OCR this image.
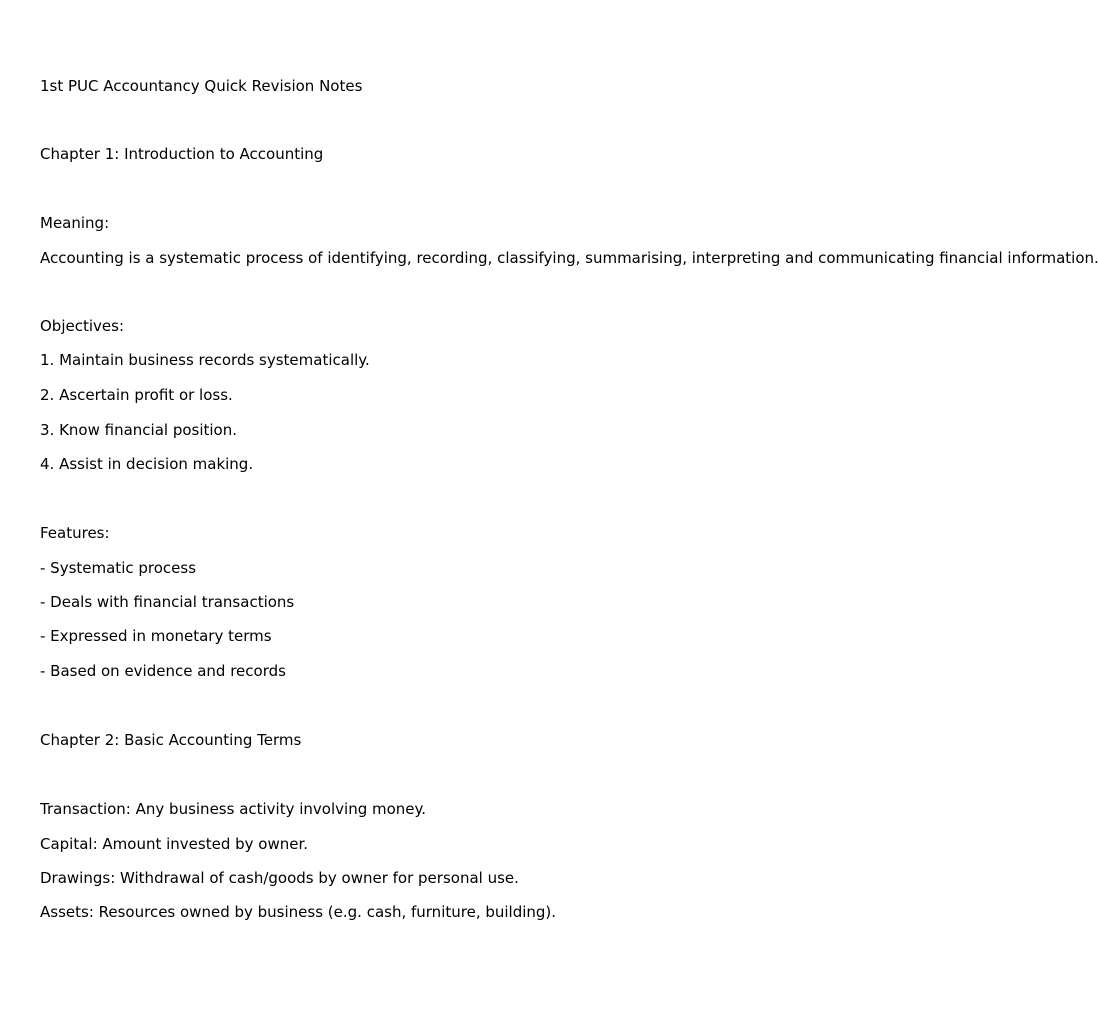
1st PUC Accountancy Quick Revision Notes
Chapter 1: Introduction to Accounting
Meaning:
Accounting is a systematic process of identifying, recording, classifying, summarising, interpreting and communicating financial information.
Objectives:
1. Maintain business records systematically.
2. Ascertain profit or loss.
3. Know financial position.
4. Assist in decision making.
Features:
- Systematic process
- Deals with financial transactions
- Expressed in monetary terms
- Based on evidence and records
Chapter 2: Basic Accounting Terms
Transaction: Any business activity involving money.
Capital: Amount invested by owner.
Drawings: Withdrawal of cash/goods by owner for personal use.
Assets: Resources owned by business (e.g. cash, furniture, building).
